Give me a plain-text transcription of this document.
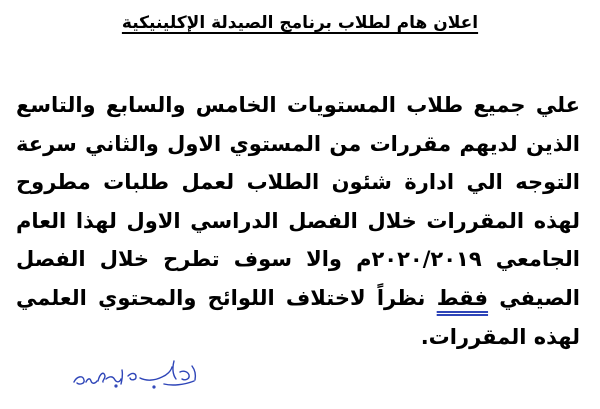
اعلان هام لطلاب برنامج الصيدلة الإكلينيكية

علي جميع طلاب المستويات الخامس والسابع والتاسع الذين لديهم مقررات من المستوي الاول والثاني سرعة التوجه الي ادارة شئون الطلاب لعمل طلبات مطروح لهذه المقررات خلال الفصل الدراسي الاول لهذا العام الجامعي ٢٠٢٠/٢٠١٩م والا سوف تطرح خلال الفصل الصيفي فقط نظراً لاختلاف اللوائح والمحتوي العلمي لهذه المقررات.
